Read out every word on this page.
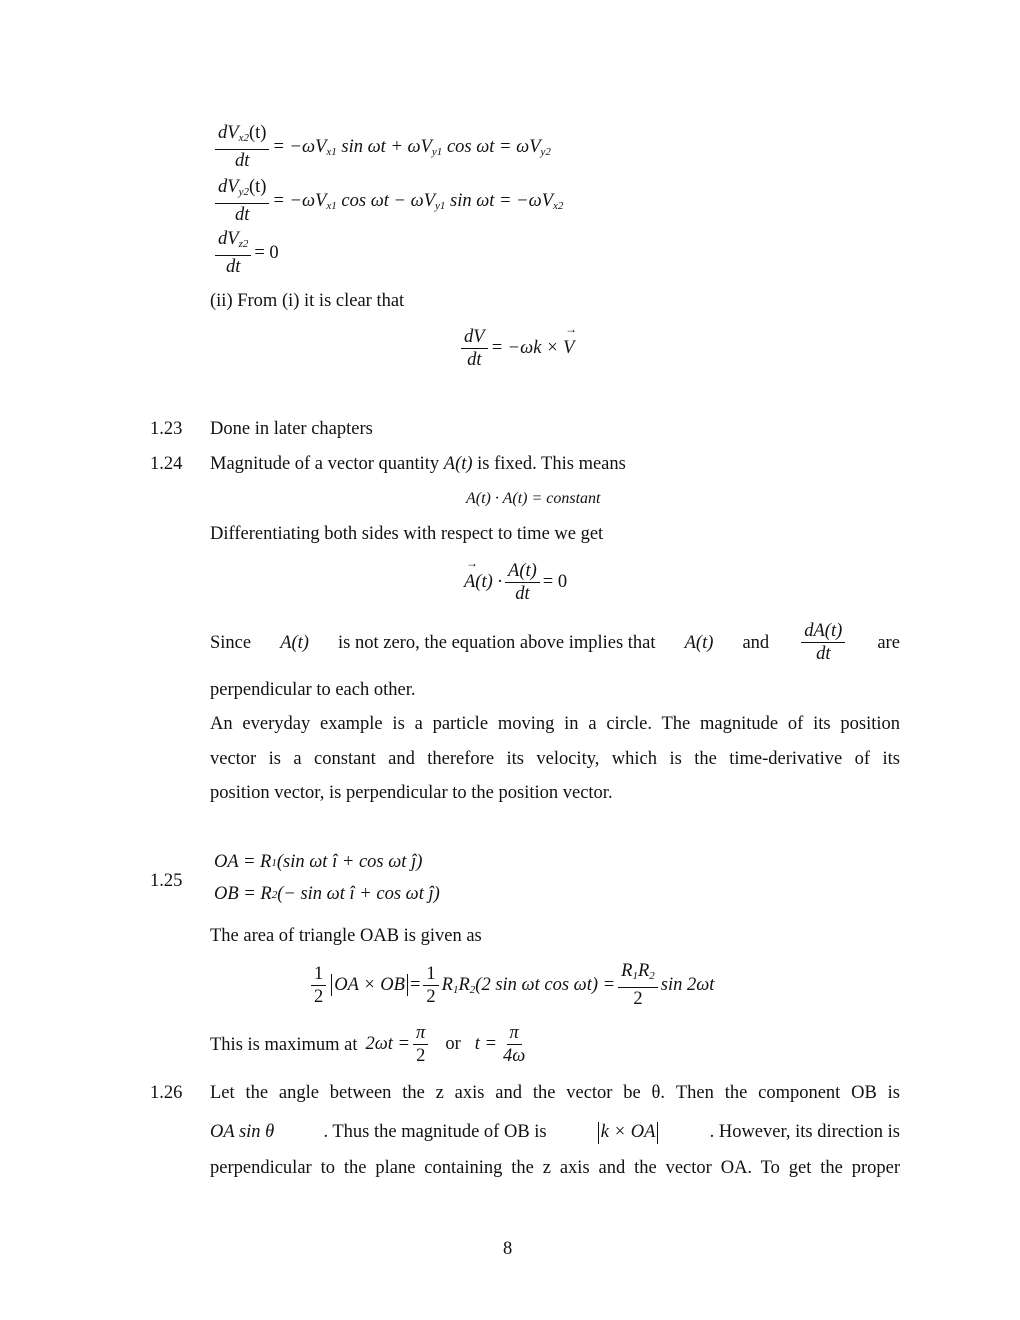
$\frac{dV_{x2}(t)}{dt} = -\omega V_{x1}$ $\sin \omega t + \omega V_{y1}$ $\cos \omega t = \omega V_{y2}$
$\frac{dV_{y2}(t)}{dt} = -\omega V_{x1}$ $\cos \omega t - \omega V_{y1}$ $\sin \omega t = -\omega V_{x2}$
$\frac{dV_{z2}}{dt} = 0$
(ii) From (i) it is clear that
$\frac{dV}{dt} = -\omega k$ × → V
1.23 Done in later chapters
1.24 Magnitude of a vector quantity A(t) is fixed. This means
A(t) · A(t) = constant
Differentiating both sides with respect to time we get
→ $A(t) \cdot \frac{A(t)}{dt} = 0$
Since A(t) is not zero, the equation above implies that A(t) and $\frac{dA(t)}{dt}$ are
perpendicular to each other.
An everyday example is a particle moving in a circle. The magnitude of its position
vector is a constant and therefore its velocity, which is the time-derivative of its
position vector, is perpendicular to the position vector.
1.25
OA = R 1 (sin ωt î + cos ωt ĵ)
OB = R 2 (− sin ωt î + cos ωt ĵ)
The area of triangle OAB is given as
$\frac{1}{2}$ OA × OB = $\frac{1}{2} R_1R_2(2$ sin ωt $\cos \omega t) = \frac{R_1R_2}{2}$ sin 2ωt
This is maximum at $2\omega t = \frac{\pi}{2}$ or $t = \frac{\pi}{4\omega}$
1.26 Let the angle between the z axis and the vector be θ. Then the component OB is
OA sin θ	. Thus the magnitude of OB is	k × OA	. However, its direction is
perpendicular to the plane containing the z axis and the vector OA. To get the proper
8
